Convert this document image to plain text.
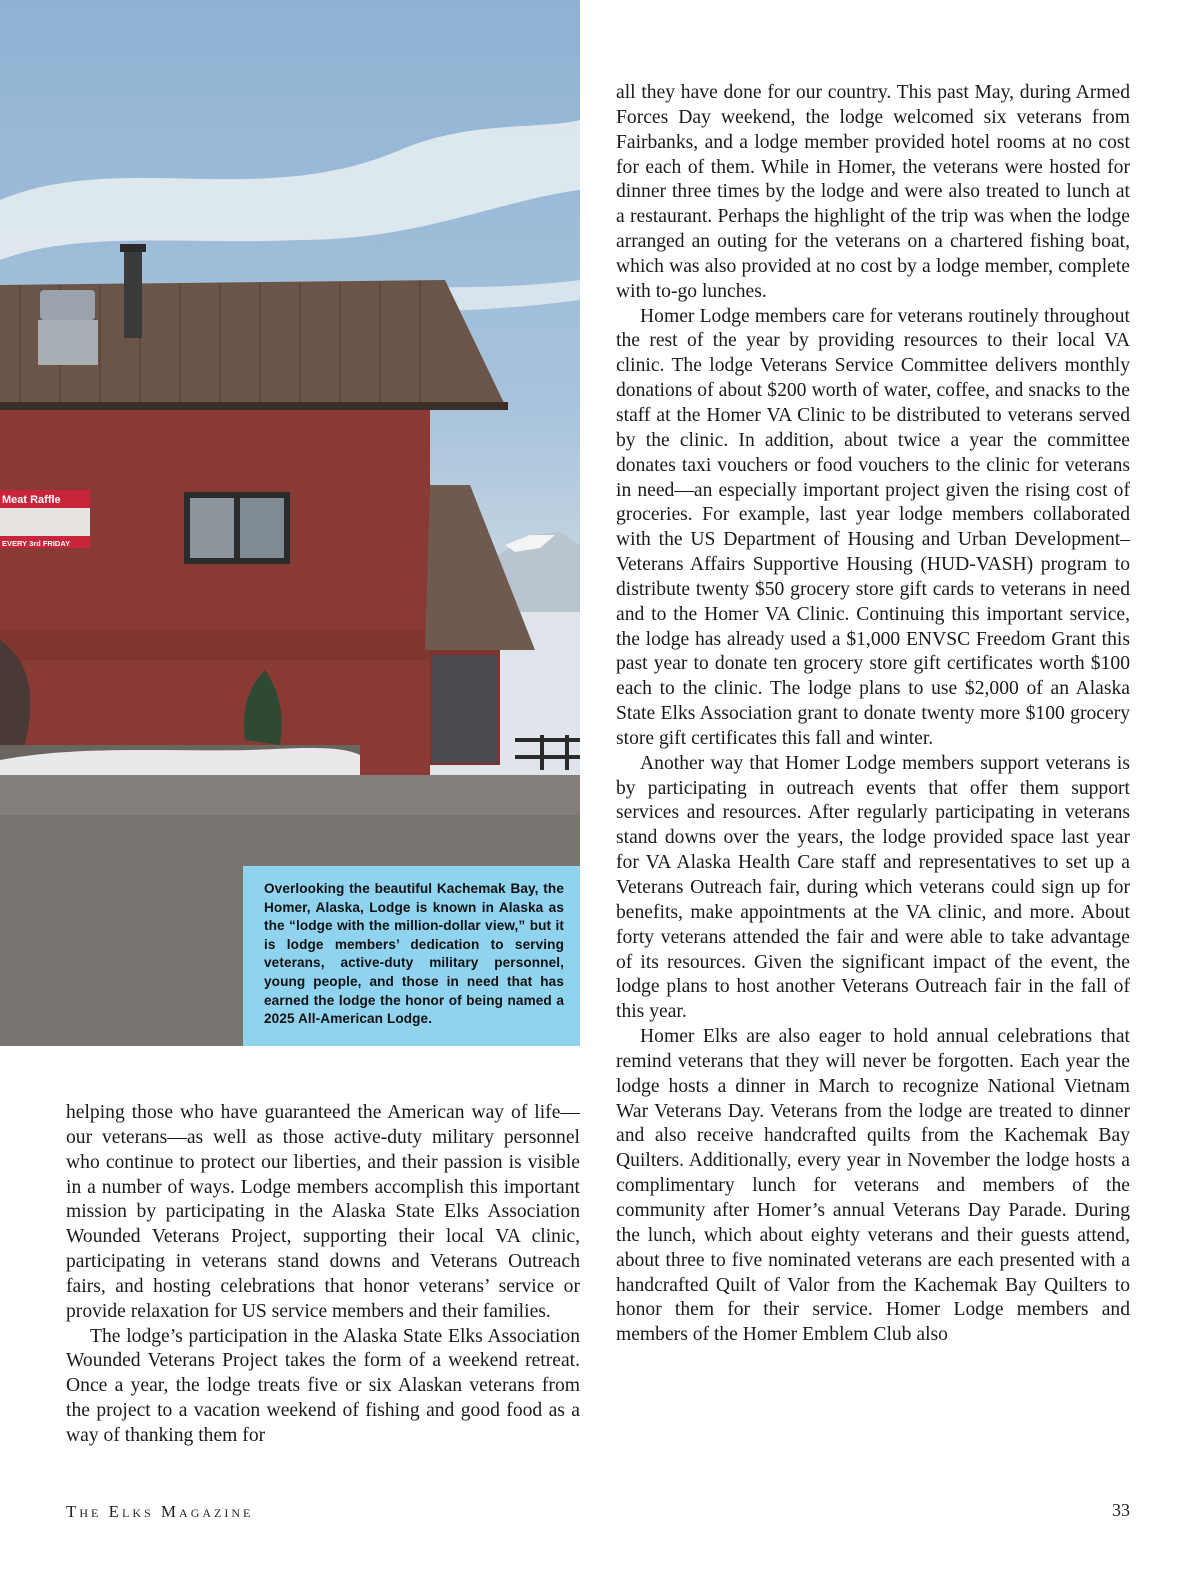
Meat Raffle
EVERY 3rd FRIDAY
Overlooking the beautiful Kachemak Bay, the Homer, Alaska, Lodge is known in Alaska as the “lodge with the million-dollar view,” but it is lodge members’ dedication to serving veterans, active-duty military personnel, young people, and those in need that has earned the lodge the honor of being named a 2025 All-American Lodge.

helping those who have guaranteed the American way of life—our veterans—as well as those active-duty military personnel who continue to protect our liberties, and their passion is visible in a number of ways. Lodge members accomplish this important mission by participating in the Alaska State Elks Association Wounded Veterans Project, supporting their local VA clinic, participating in veterans stand downs and Veterans Outreach fairs, and hosting celebrations that honor veterans’ service or provide relaxation for US service members and their families.

The lodge’s participation in the Alaska State Elks Association Wounded Veterans Project takes the form of a weekend retreat. Once a year, the lodge treats five or six Alaskan veterans from the project to a vacation weekend of fishing and good food as a way of thanking them for

all they have done for our country. This past May, during Armed Forces Day weekend, the lodge welcomed six veterans from Fairbanks, and a lodge member provided hotel rooms at no cost for each of them. While in Homer, the veterans were hosted for dinner three times by the lodge and were also treated to lunch at a restaurant. Perhaps the highlight of the trip was when the lodge arranged an outing for the veterans on a chartered fishing boat, which was also provided at no cost by a lodge member, complete with to-go lunches.

Homer Lodge members care for veterans routinely throughout the rest of the year by providing resources to their local VA clinic. The lodge Veterans Service Committee delivers monthly donations of about $200 worth of water, coffee, and snacks to the staff at the Homer VA Clinic to be distributed to veterans served by the clinic. In addition, about twice a year the committee donates taxi vouchers or food vouchers to the clinic for veterans in need—an especially important project given the rising cost of groceries. For example, last year lodge members collaborated with the US Department of Housing and Urban Development–Veterans Affairs Supportive Housing (HUD-VASH) program to distribute twenty $50 grocery store gift cards to veterans in need and to the Homer VA Clinic. Continuing this important service, the lodge has already used a $1,000 ENVSC Freedom Grant this past year to donate ten grocery store gift certificates worth $100 each to the clinic. The lodge plans to use $2,000 of an Alaska State Elks Association grant to donate twenty more $100 grocery store gift certificates this fall and winter.

Another way that Homer Lodge members support veterans is by participating in outreach events that offer them support services and resources. After regularly participating in veterans stand downs over the years, the lodge provided space last year for VA Alaska Health Care staff and representatives to set up a Veterans Outreach fair, during which veterans could sign up for benefits, make appointments at the VA clinic, and more. About forty veterans attended the fair and were able to take advantage of its resources. Given the significant impact of the event, the lodge plans to host another Veterans Outreach fair in the fall of this year.

Homer Elks are also eager to hold annual celebrations that remind veterans that they will never be forgotten. Each year the lodge hosts a dinner in March to recognize National Vietnam War Veterans Day. Veterans from the lodge are treated to dinner and also receive handcrafted quilts from the Kachemak Bay Quilters. Additionally, every year in November the lodge hosts a complimentary lunch for veterans and members of the community after Homer’s annual Veterans Day Parade. During the lunch, which about eighty veterans and their guests attend, about three to five nominated veterans are each presented with a handcrafted Quilt of Valor from the Kachemak Bay Quilters to honor them for their service. Homer Lodge members and members of the Homer Emblem Club also

The Elks Magazine	33
